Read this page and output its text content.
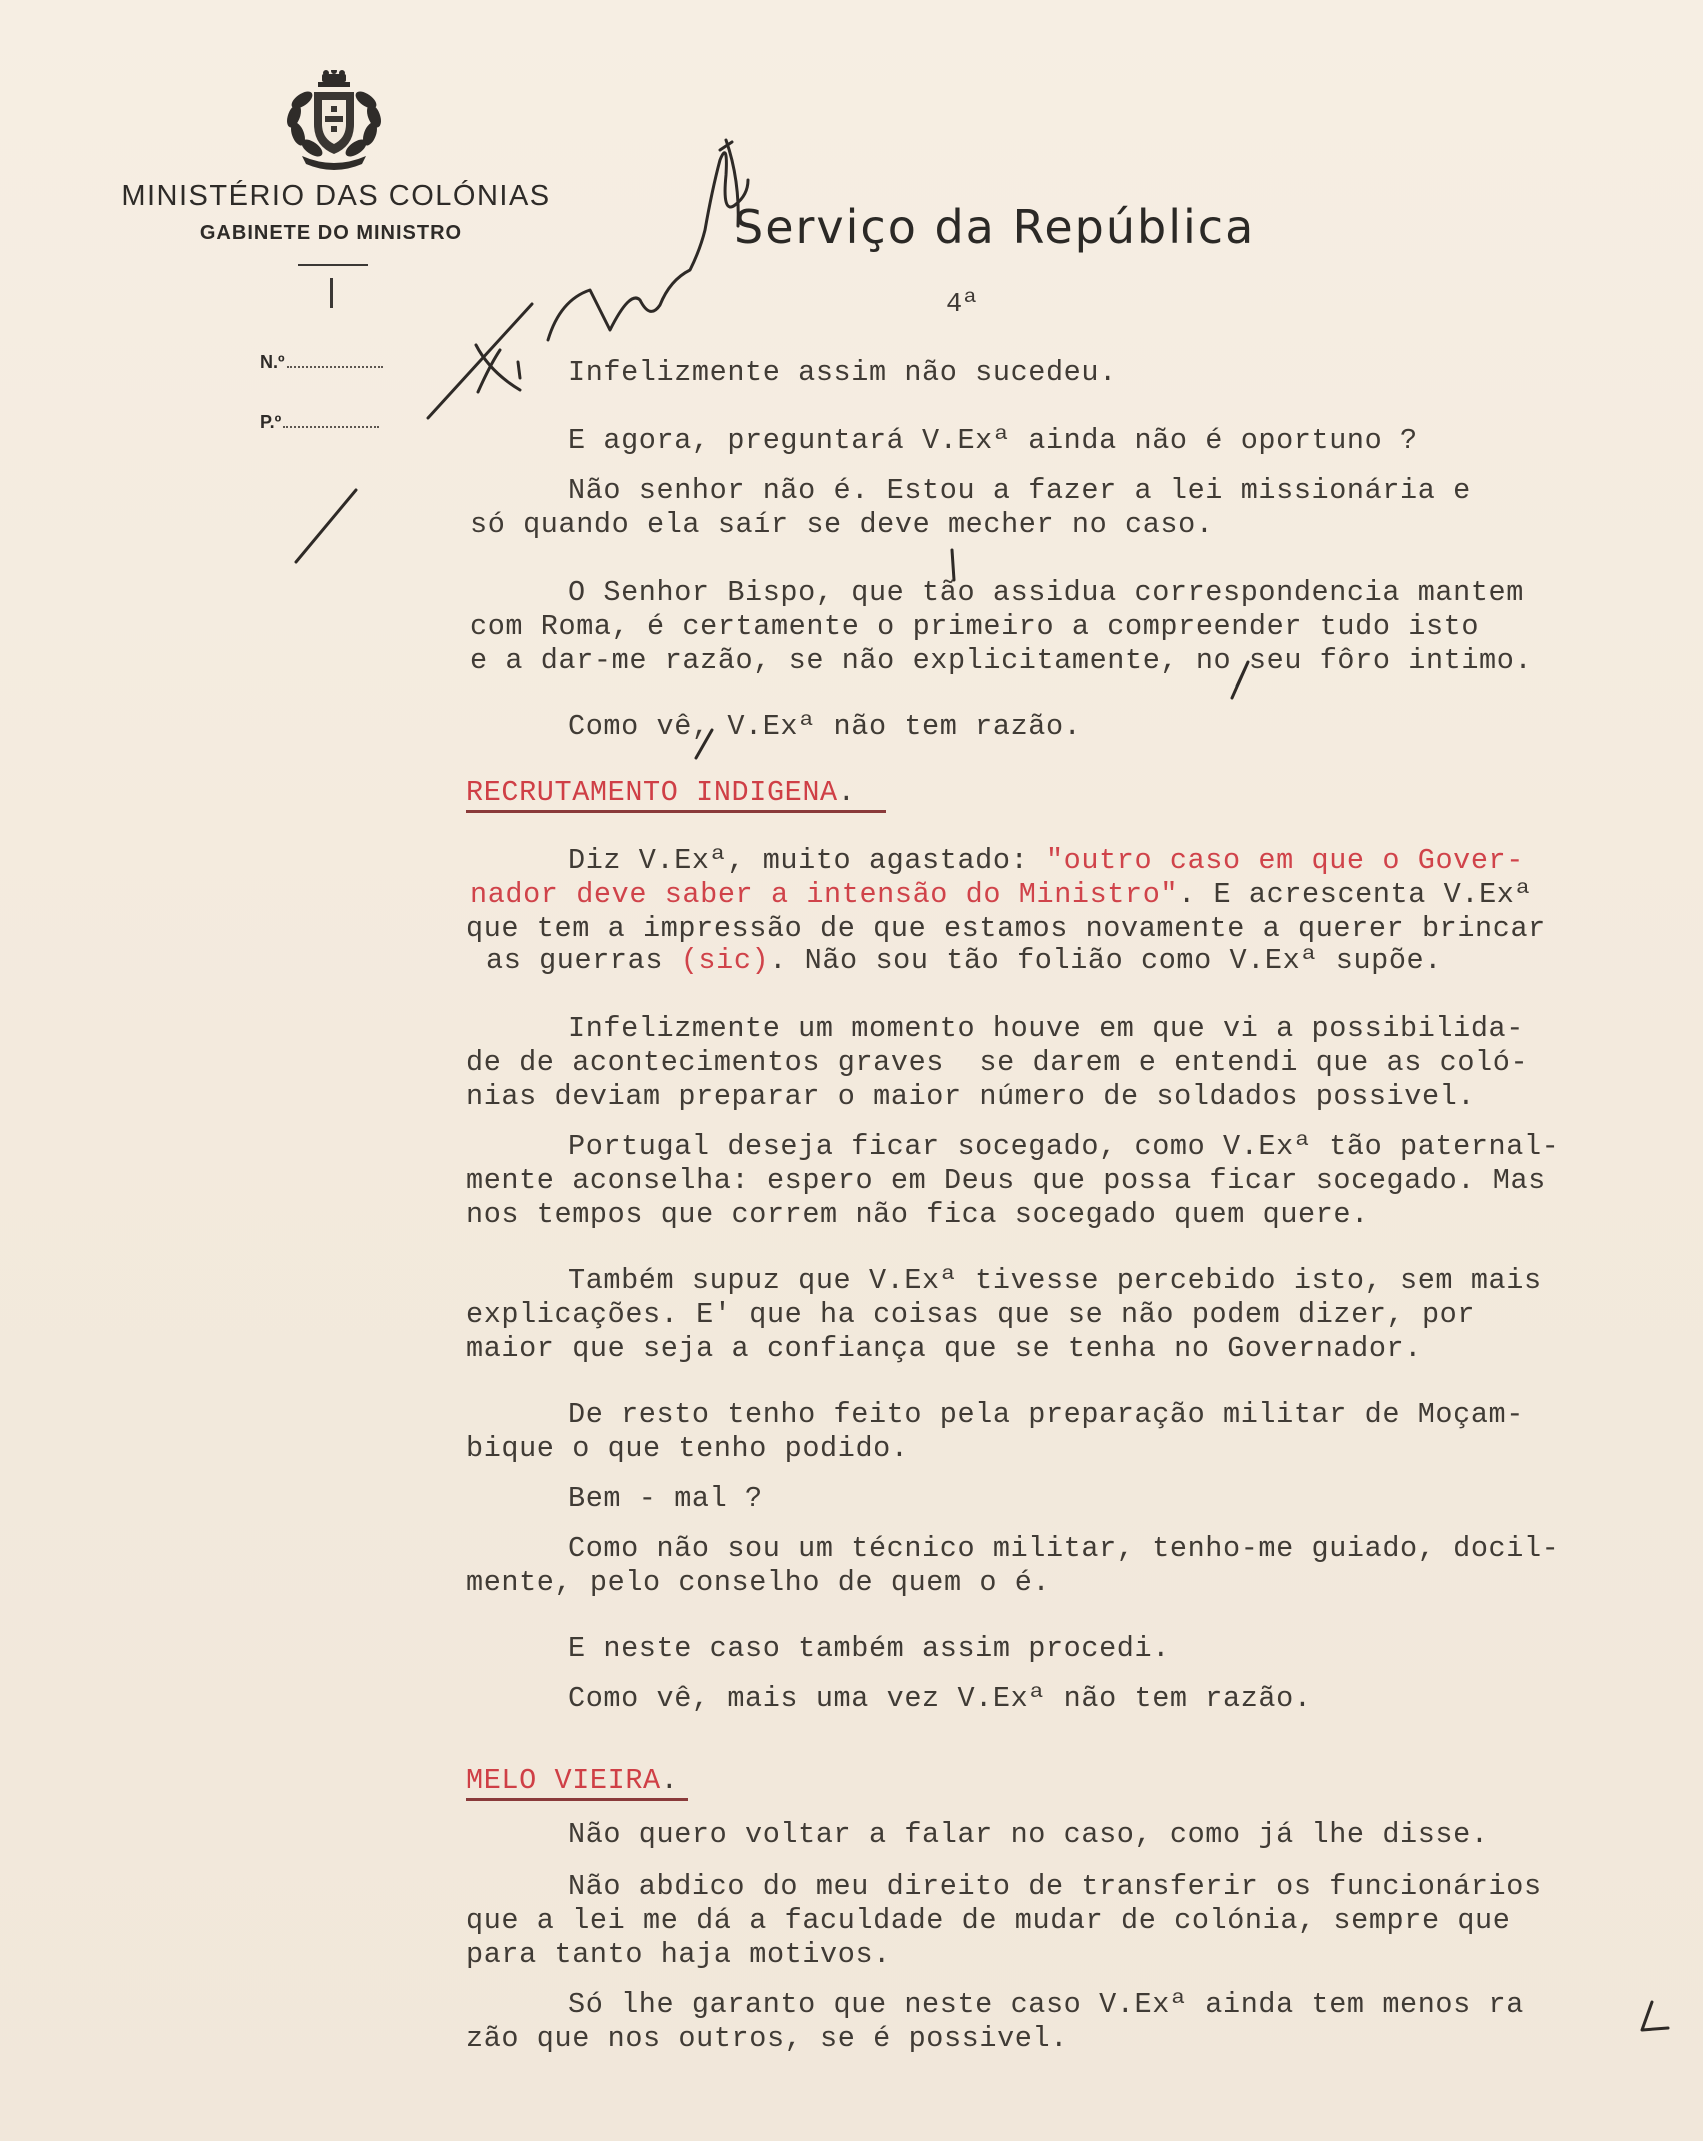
MINISTÉRIO DAS COLÓNIAS
GABINETE DO MINISTRO
N.º
P.º
Serviço da República
4ª
Infelizmente assim não sucedeu.
E agora, preguntará V.Exª ainda não é oportuno ?
Não senhor não é. Estou a fazer a lei missionária e
só quando ela saír se deve mecher no caso.
O Senhor Bispo, que tão assidua correspondencia mantem
com Roma, é certamente o primeiro a compreender tudo isto
e a dar-me razão, se não explicitamente, no seu fôro intimo.
Como vê, V.Exª não tem razão.
RECRUTAMENTO INDIGENA.
Diz V.Exª, muito agastado: "outro caso em que o Gover-
nador deve saber a intensão do Ministro". E acrescenta V.Exª
que tem a impressão de que estamos novamente a querer brincar
as guerras (sic). Não sou tão folião como V.Exª supõe.
Infelizmente um momento houve em que vi a possibilida-
de de acontecimentos graves  se darem e entendi que as coló-
nias deviam preparar o maior número de soldados possivel.
Portugal deseja ficar socegado, como V.Exª tão paternal-
mente aconselha: espero em Deus que possa ficar socegado. Mas
nos tempos que correm não fica socegado quem quere.
Também supuz que V.Exª tivesse percebido isto, sem mais
explicações. E' que ha coisas que se não podem dizer, por
maior que seja a confiança que se tenha no Governador.
De resto tenho feito pela preparação militar de Moçam-
bique o que tenho podido.
Bem - mal ?
Como não sou um técnico militar, tenho-me guiado, docil-
mente, pelo conselho de quem o é.
E neste caso também assim procedi.
Como vê, mais uma vez V.Exª não tem razão.
MELO VIEIRA.
Não quero voltar a falar no caso, como já lhe disse.
Não abdico do meu direito de transferir os funcionários
que a lei me dá a faculdade de mudar de colónia, sempre que
para tanto haja motivos.
Só lhe garanto que neste caso V.Exª ainda tem menos ra
zão que nos outros, se é possivel.
